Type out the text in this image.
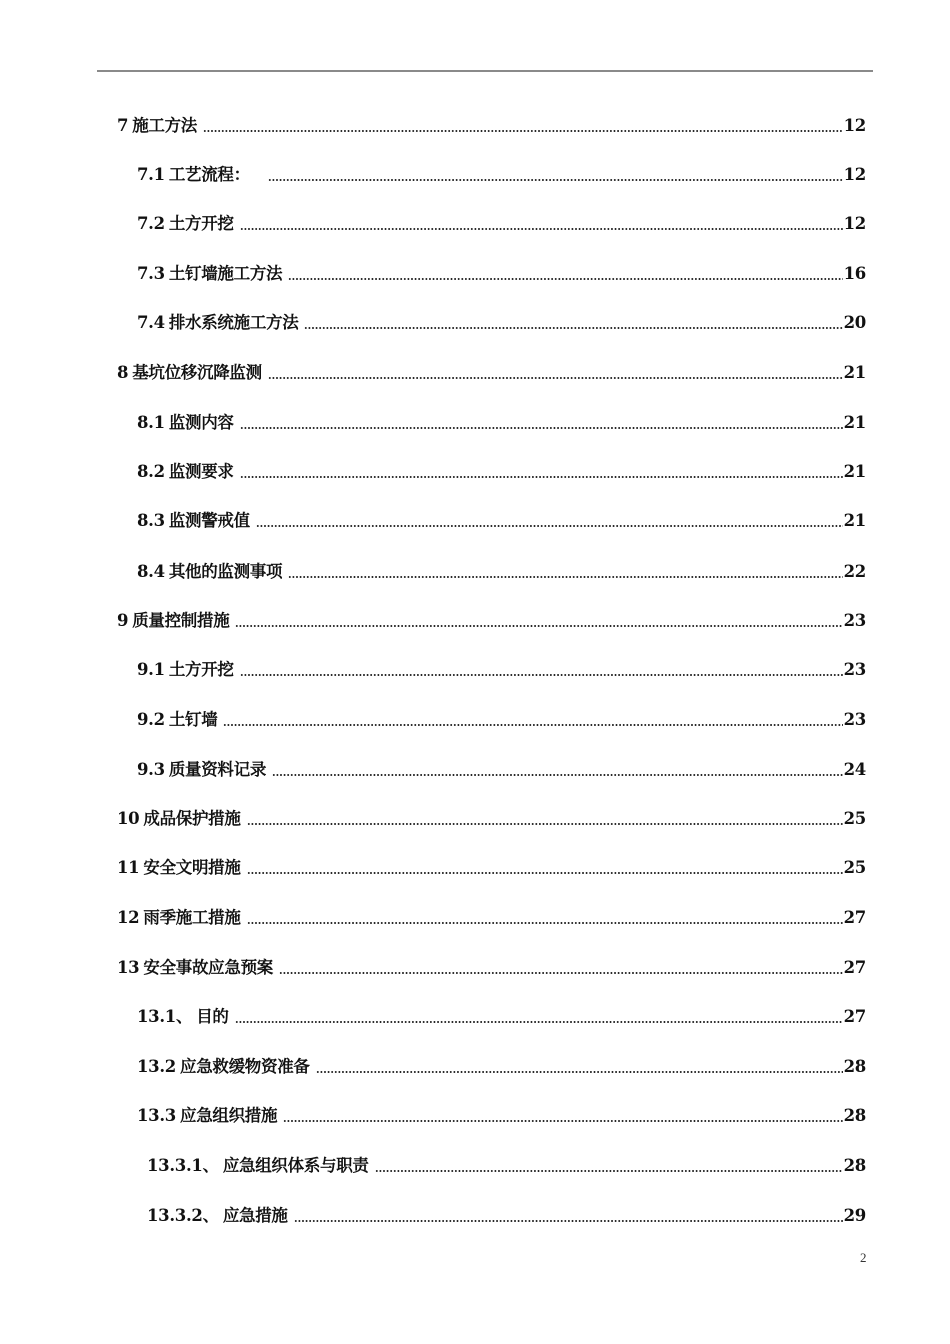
7 施工方法	12
7.1 工艺流程：	12
7.2 土方开挖	12
7.3 土钉墙施工方法	16
7.4 排水系统施工方法	20
8 基坑位移沉降监测	21
8.1 监测内容	21
8.2 监测要求	21
8.3 监测警戒值	21
8.4 其他的监测事项	22
9 质量控制措施	23
9.1 土方开挖	23
9.2 土钉墙	23
9.3 质量资料记录	24
10 成品保护措施	25
11 安全文明措施	25
12 雨季施工措施	27
13 安全事故应急预案	27
13.1、 目的	27
13.2 应急救缓物资准备	28
13.3 应急组织措施	28
13.3.1、 应急组织体系与职责	28
13.3.2、 应急措施	29
2
